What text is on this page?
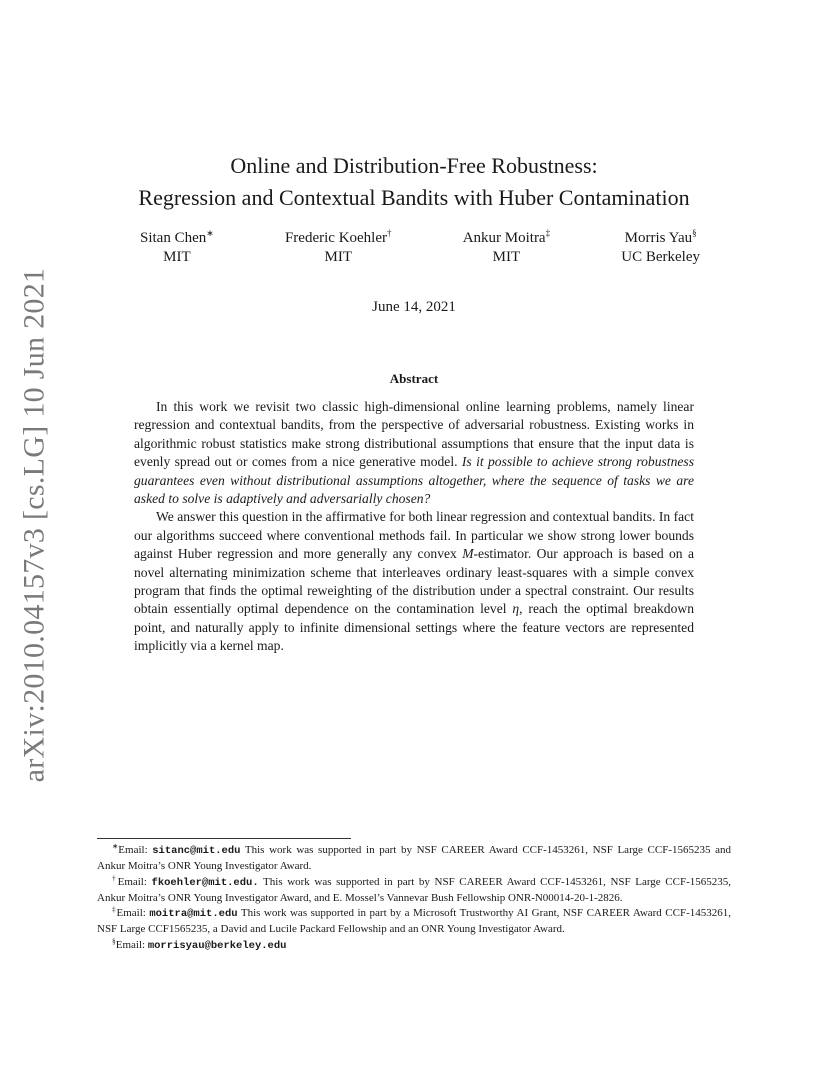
arXiv:2010.04157v3 [cs.LG] 10 Jun 2021
Online and Distribution-Free Robustness:
Regression and Contextual Bandits with Huber Contamination
Sitan Chen∗
MIT
Frederic Koehler†
MIT
Ankur Moitra‡
MIT
Morris Yau§
UC Berkeley
June 14, 2021
Abstract

In this work we revisit two classic high-dimensional online learning problems, namely linear regression and contextual bandits, from the perspective of adversarial robustness. Existing works in algorithmic robust statistics make strong distributional assumptions that ensure that the input data is evenly spread out or comes from a nice generative model. Is it possible to achieve strong robustness guarantees even without distributional assumptions altogether, where the sequence of tasks we are asked to solve is adaptively and adversarially chosen?

We answer this question in the affirmative for both linear regression and contextual bandits. In fact our algorithms succeed where conventional methods fail. In particular we show strong lower bounds against Huber regression and more generally any convex M-estimator. Our approach is based on a novel alternating minimization scheme that interleaves ordinary least-squares with a simple convex program that finds the optimal reweighting of the distribution under a spectral constraint. Our results obtain essentially optimal dependence on the contamination level η, reach the optimal breakdown point, and naturally apply to infinite dimensional settings where the feature vectors are represented implicitly via a kernel map.

∗Email: sitanc@mit.edu This work was supported in part by NSF CAREER Award CCF-1453261, NSF Large CCF-1565235 and Ankur Moitra’s ONR Young Investigator Award.

†Email: fkoehler@mit.edu. This work was supported in part by NSF CAREER Award CCF-1453261, NSF Large CCF-1565235, Ankur Moitra’s ONR Young Investigator Award, and E. Mossel’s Vannevar Bush Fellowship ONR-N00014-20-1-2826.

‡Email: moitra@mit.edu This work was supported in part by a Microsoft Trustworthy AI Grant, NSF CAREER Award CCF-1453261, NSF Large CCF1565235, a David and Lucile Packard Fellowship and an ONR Young Investigator Award.

§Email: morrisyau@berkeley.edu
